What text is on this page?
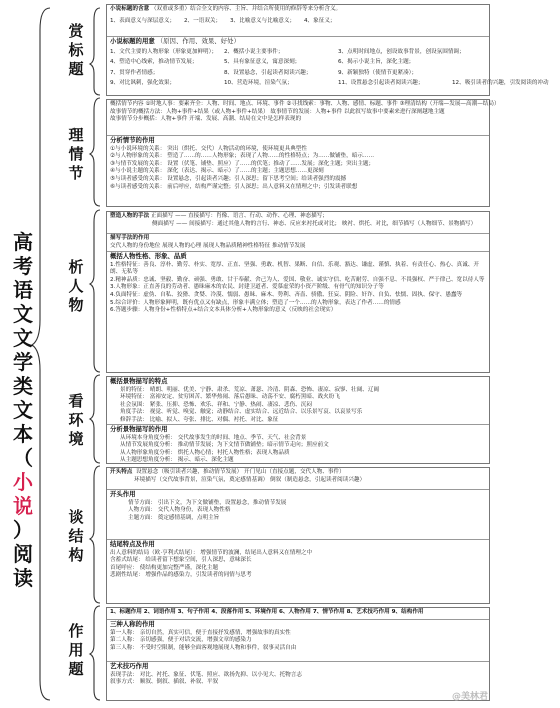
高
考
语
文
文
学
类
文
本
（
小
说
）
阅
读
赏
标
题
理
情
节
析
人
物
看
环
境
谈
结
构
作
用
题
小说标题的含意 （双重或多重）结合全文的内容、主旨、并结合所使用的修辞等来分析含义。
1、表面意义与深层意义； 2、一语双关； 3、比喻意义与比喻意义； 4、象征义；
小说标题的用意 （原因、作用、效果、好处）
1、文代主要的人物形象（形象更加鲜明）； 2、概括小说主要事件；	3、点明时间地点，创设故事背景，创设氛围情调；
4、塑造中心线索，推动情节发展；	5、具有象征意义，寓意深刻；	6、揭示小说主旨，深化主题；
7、贯穿作者情感；	8、设置悬念，引起读者阅读兴趣；	9、新颖独特（使情节更紧凑）；
9、对比讽刺，强化效果；	10、营造环境，渲染气氛；	11、设置悬念引起读者阅读兴趣；	12、吸引读者的兴趣，引发阅读的冲动
概括情节内容 ①时地人事：要素齐全：人物、时间、地点、环境、事件 ②寻找线索：事物、人物、感情、标题、事件 ③理清结构（开端—发展—高潮—结局）
故事情节的概括方法：人物+事件+结果（或人物+事件+结果） 故事情节的发展：人物+事件 以此叙写故事中要素来进行深阐越地主题
故事情节分步概括：人物+事件 开端、发展、高潮、结局在文中是怎样表现的
分析情节的作用
①与小说环境的关系： 突出（烘托、交代）人物活动的环境，使环境更具典型性
②与人物形象的关系： 塑造了……的……人物形象；表现了人物……的性格特点；为……做铺垫，暗示……
③与情节发展的关系： 设置（伏笔、铺垫、照应）了……的伏笔；推动了……发展；深化主题；突出主题；
④与小说主题的关系： 深化（表达、揭示、暗示）了……的主题；主题思想……更深刻
⑤与读者感受的关系： 设置悬念，引起读者兴趣；引人深思；留下思考空间；给读者强烈的震撼
⑥与读者感受的关系： 前后呼应，结构严谨完整；引人深思；出人意料又在情理之中；引发读者联想
塑造人物的手法 正面描写 —— 直接描写：肖像、语言、行动、动作、心理、神态描写；
侧面描写 —— 间接描写：通过其他人物的言行、神态、反应来衬托或对比； 映衬、烘托、对比，细节描写（人物细节、景物描写）
描写手法的作用
交代人物的身份地位 展现人物的心理 展现人物品质精神性格特征 推动情节发展
概括人物性格、形象、品质
1.性格特征：善良、淳朴、勤劳、朴实、宽厚、正直、坚强、勇敢、机智、果断、自信、乐观、豁达、谦虚、谨慎、执着、有责任心、热心、真诚、开朗、无私等
2.精神品质：忠诚、坚毅、勤奋、顽强、勇敢、甘于奉献、舍己为人、爱国、敬业、诚实守信、吃苦耐劳、自强不息、不畏强权、严于律己、宽以待人等
3.人物形象：正直善良的劳动者、愚昧麻木的农民、封建卫道者、爱慕虚荣的小资产阶级、有骨气的知识分子等
4.负面特征：虚伪、自私、狡猾、贪婪、冷漠、懦弱、愚昧、麻木、势利、吝啬、骄傲、狂妄、阴险、奸诈、自负、怯懦、固执、保守、愚蠢等
5.综合评价：人物形象鲜明，既有优点又有缺点，形象丰满立体；塑造了一个……的人物形象，表达了作者……的情感
6.答题步骤：人物身份+性格特点+结合文本具体分析+人物形象的意义（反映的社会现实）
概括景物描写的特点
景的特征： 晴朗、明丽、优美、宁静、肃杀、荒凉、萧瑟、冷清、阴森、恐怖、凄凉、寂寥、壮阔、辽阔
环境特征： 富裕安定、贫穷困苦、繁华热闹、落后愚昧、动荡不安、腐朽黑暗、战火纷飞
社会氛围： 紧张、压抑、恐怖、欢乐、祥和、宁静、热闹、凄凉、悲伤、沉闷
角度手法： 视觉、听觉、嗅觉、触觉；动静结合、虚实结合、远近结合、以乐景写哀、以哀景写乐
修辞手法： 比喻、拟人、夸张、排比、对偶、衬托、对比、象征
分析景物描写的作用
从环境本身角度分析： 交代故事发生的时间、地点、季节、天气、社会背景
从情节发展角度分析： 推动情节发展；为下文情节做铺垫；暗示情节走向；照应前文
从人物形象角度分析： 烘托人物心情；衬托人物性格；表现人物品质
从主题思想角度分析： 揭示、暗示、深化主题
开头特点 设置悬念（吸引读者兴趣，推动情节发展） 开门见山（直接点题，交代人物、事件）
环境描写（交代故事背景，渲染气氛，奠定感情基调） 倒叙（制造悬念，引起读者阅读兴趣）
开头作用
情节方面： 引出下文，为下文做铺垫，设置悬念，推动情节发展
人物方面： 交代人物身份，表现人物性格
主题方面： 奠定感情基调，点明主旨
结尾特点及作用
出人意料的结局（欧·亨利式结尾）： 增强情节的波澜，结尾出人意料又在情理之中
含蓄式结尾： 给读者留下想象空间，引人深思，意味深长
首尾呼应： 使结构更加完整严谨，深化主题
悲剧性结尾： 增强作品的感染力，引发读者的同情与思考
1、标题作用 2、词语作用 3、句子作用 4、段落作用 5、环境作用 6、人物作用 7、情节作用 8、艺术技巧作用 9、结构作用
三种人称的作用
第一人称： 亲切自然，真实可信，便于直接抒发感情，增强故事的真实性
第二人称： 亲切感强，便于对话交流，增强文章的感染力
第三人称： 不受时空限制，能够全面客观地展现人物和事件，叙事灵活自由
艺术技巧作用
表现手法： 对比、衬托、象征、伏笔、照应、欲扬先抑、以小见大、托物言志
叙事方式： 顺叙、倒叙、插叙、补叙、平叙
@美林君
